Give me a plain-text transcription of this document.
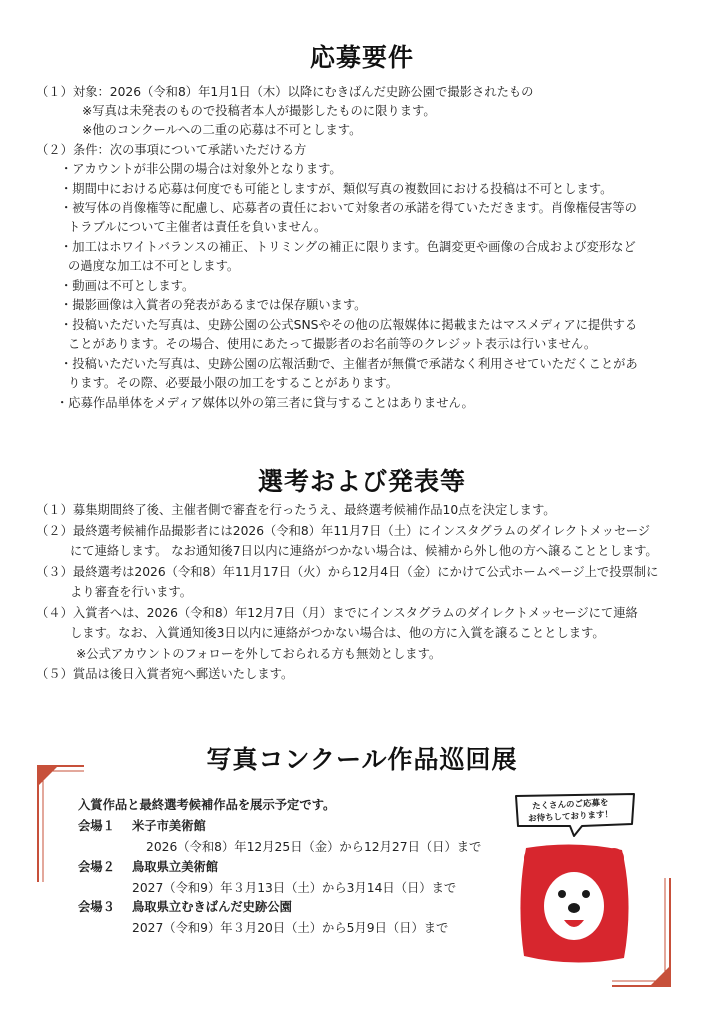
応募要件
（１）対象：2026（令和8）年1月1日（木）以降にむきばんだ史跡公園で撮影されたもの
※写真は未発表のもので投稿者本人が撮影したものに限ります。
※他のコンクールへの二重の応募は不可とします。
（２）条件：次の事項について承諾いただける方
・アカウントが非公開の場合は対象外となります。
・期間中における応募は何度でも可能としますが、類似写真の複数回における投稿は不可とします。
・被写体の肖像権等に配慮し、応募者の責任において対象者の承諾を得ていただきます。肖像権侵害等の
トラブルについて主催者は責任を負いません。
・加工はホワイトバランスの補正、トリミングの補正に限ります。色調変更や画像の合成および変形など
の過度な加工は不可とします。
・動画は不可とします。
・撮影画像は入賞者の発表があるまでは保存願います。
・投稿いただいた写真は、史跡公園の公式SNSやその他の広報媒体に掲載またはマスメディアに提供する
ことがあります。その場合、使用にあたって撮影者のお名前等のクレジット表示は行いません。
・投稿いただいた写真は、史跡公園の広報活動で、主催者が無償で承諾なく利用させていただくことがあ
ります。その際、必要最小限の加工をすることがあります。
・応募作品単体をメディア媒体以外の第三者に貸与することはありません。
選考および発表等
（１）募集期間終了後、主催者側で審査を行ったうえ、最終選考候補作品10点を決定します。
（２）最終選考候補作品撮影者には2026（令和8）年11月7日（土）にインスタグラムのダイレクトメッセージ
にて連絡します。 なお通知後7日以内に連絡がつかない場合は、候補から外し他の方へ譲ることとします。
（３）最終選考は2026（令和8）年11月17日（火）から12月4日（金）にかけて公式ホームページ上で投票制に
より審査を行います。
（４）入賞者へは、2026（令和8）年12月7日（月）までにインスタグラムのダイレクトメッセージにて連絡
します。なお、入賞通知後3日以内に連絡がつかない場合は、他の方に入賞を譲ることとします。
※公式アカウントのフォローを外しておられる方も無効とします。
（５）賞品は後日入賞者宛へ郵送いたします。
写真コンクール作品巡回展
入賞作品と最終選考候補作品を展示予定です。
会場１ 米子市美術館
2026（令和8）年12月25日（金）から12月27日（日）まで
会場２ 鳥取県立美術館
2027（令和9）年３月13日（土）から3月14日（日）まで
会場３ 鳥取県立むきばんだ史跡公園
2027（令和9）年３月20日（土）から5月9日（日）まで
たくさんのご応募を
お待ちしております！
